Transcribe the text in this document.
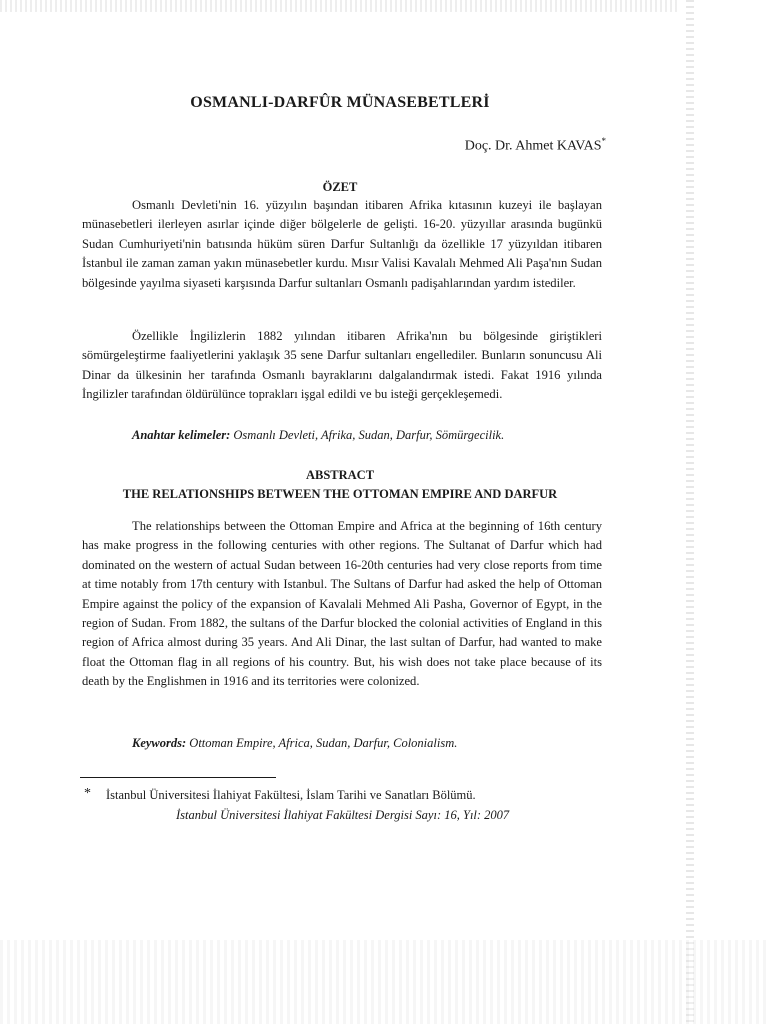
OSMANLI-DARFÛR MÜNASEBETLERİ
Doç. Dr. Ahmet KAVAS*
ÖZET

Osmanlı Devleti'nin 16. yüzyılın başından itibaren Afrika kıtasının kuzeyi ile başlayan münasebetleri ilerleyen asırlar içinde diğer bölgelerle de gelişti. 16-20. yüzyıllar arasında bugünkü Sudan Cumhuriyeti'nin batısında hüküm süren Darfur Sultanlığı da özellikle 17 yüzyıldan itibaren İstanbul ile zaman zaman yakın münasebetler kurdu. Mısır Valisi Kavalalı Mehmed Ali Paşa'nın Sudan bölgesinde yayılma siyaseti karşısında Darfur sultanları Osmanlı padişahlarından yardım istediler.

Özellikle İngilizlerin 1882 yılından itibaren Afrika'nın bu bölgesinde giriştikleri sömürgeleştirme faaliyetlerini yaklaşık 35 sene Darfur sultanları engellediler. Bunların sonuncusu Ali Dinar da ülkesinin her tarafında Osmanlı bayraklarını dalgalandırmak istedi. Fakat 1916 yılında İngilizler tarafından öldürülünce toprakları işgal edildi ve bu isteği gerçekleşemedi.

Anahtar kelimeler: Osmanlı Devleti, Afrika, Sudan, Darfur, Sömürgecilik.
ABSTRACT
THE RELATIONSHIPS BETWEEN THE OTTOMAN EMPIRE AND DARFUR

The relationships between the Ottoman Empire and Africa at the beginning of 16th century has make progress in the following centuries with other regions. The Sultanat of Darfur which had dominated on the western of actual Sudan between 16-20th centuries had very close reports from time at time notably from 17th century with Istanbul. The Sultans of Darfur had asked the help of Ottoman Empire against the policy of the expansion of Kavalali Mehmed Ali Pasha, Governor of Egypt, in the region of Sudan. From 1882, the sultans of the Darfur blocked the colonial activities of England in this region of Africa almost during 35 years. And Ali Dinar, the last sultan of Darfur, had wanted to make float the Ottoman flag in all regions of his country. But, his wish does not take place because of its death by the Englishmen in 1916 and its territories were colonized.

Keywords: Ottoman Empire, Africa, Sudan, Darfur, Colonialism.
* İstanbul Üniversitesi İlahiyat Fakültesi, İslam Tarihi ve Sanatları Bölümü.
İstanbul Üniversitesi İlahiyat Fakültesi Dergisi Sayı: 16, Yıl: 2007
